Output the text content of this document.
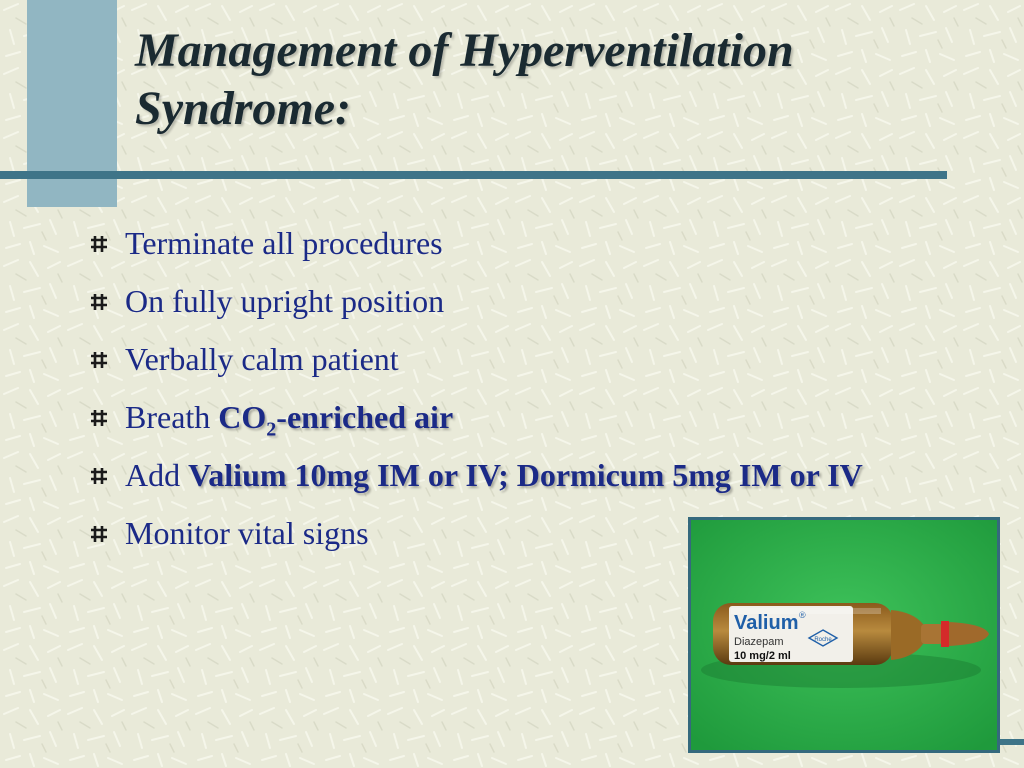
Management of Hyperventilation
Syndrome:
Terminate all procedures
On fully upright position
Verbally calm patient
Breath $CO_2$-enriched air
Add Valium 10mg IM or IV; Dormicum 5mg IM or IV
Monitor vital signs
Valium ®
Diazepam
10 mg/2 ml
Roche
